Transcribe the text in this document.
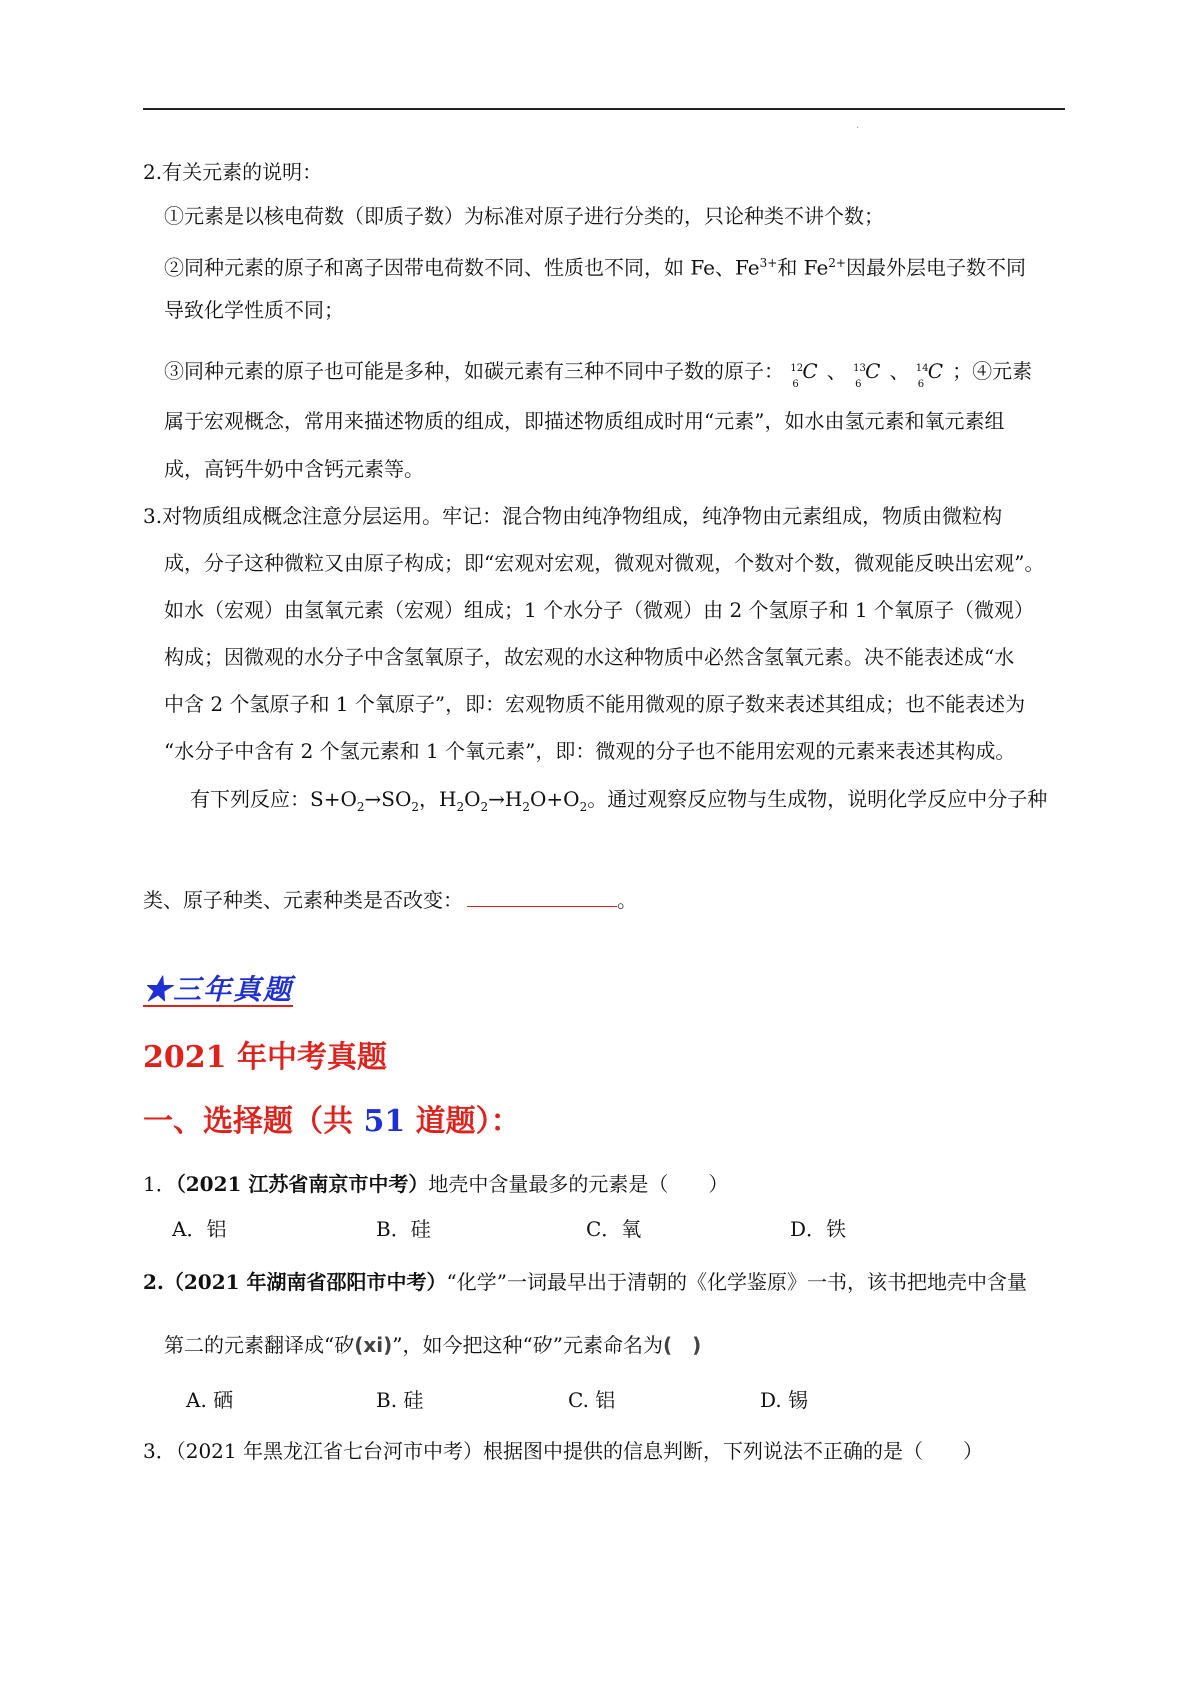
.
2.有关元素的说明：
①元素是以核电荷数（即质子数）为标准对原子进行分类的，只论种类不讲个数；
②同种元素的原子和离子因带电荷数不同、性质也不同，如 Fe、$Fe^{3+}$和 $Fe^{2+}$因最外层电子数不同
导致化学性质不同；
③同种元素的原子也可能是多种，如碳元素有三种不同中子数的原子： 12
6
C 、 13
6
C 、 14
6
C ；④元素
属于宏观概念，常用来描述物质的组成，即描述物质组成时用“元素”，如水由氢元素和氧元素组
成，高钙牛奶中含钙元素等。
3.对物质组成概念注意分层运用。牢记：混合物由纯净物组成，纯净物由元素组成，物质由微粒构
成，分子这种微粒又由原子构成；即“宏观对宏观，微观对微观，个数对个数，微观能反映出宏观”。
如水（宏观）由氢氧元素（宏观）组成；1 个水分子（微观）由 2 个氢原子和 1 个氧原子（微观）
构成；因微观的水分子中含氢氧原子，故宏观的水这种物质中必然含氢氧元素。决不能表述成“水
中含 2 个氢原子和 1 个氧原子”，即：宏观物质不能用微观的原子数来表述其组成；也不能表述为
“水分子中含有 2 个氢元素和 1 个氧元素”，即：微观的分子也不能用宏观的元素来表述其构成。
有下列反应：$S+O_2\to SO_2$，$H_2O_2\to H_2O+O_2$。通过观察反应物与生成物，说明化学反应中分子种
类、原子种类、元素种类是否改变：	。
★三年真题
2021 年中考真题
一、选择题（共 51 道题）：
1．（2021 江苏省南京市中考）地壳中含量最多的元素是（　　）
A．铝	B．硅	C．氧	D．铁
2.（2021 年湖南省邵阳市中考）“化学”一词最早出于清朝的《化学鉴原》一书，该书把地壳中含量
第二的元素翻译成“矽(xi)”，如今把这种“矽”元素命名为(　)
A. 硒	B. 硅	C. 铝	D. 锡
3．（2021 年黑龙江省七台河市中考）根据图中提供的信息判断，下列说法不正确的是（　　）
